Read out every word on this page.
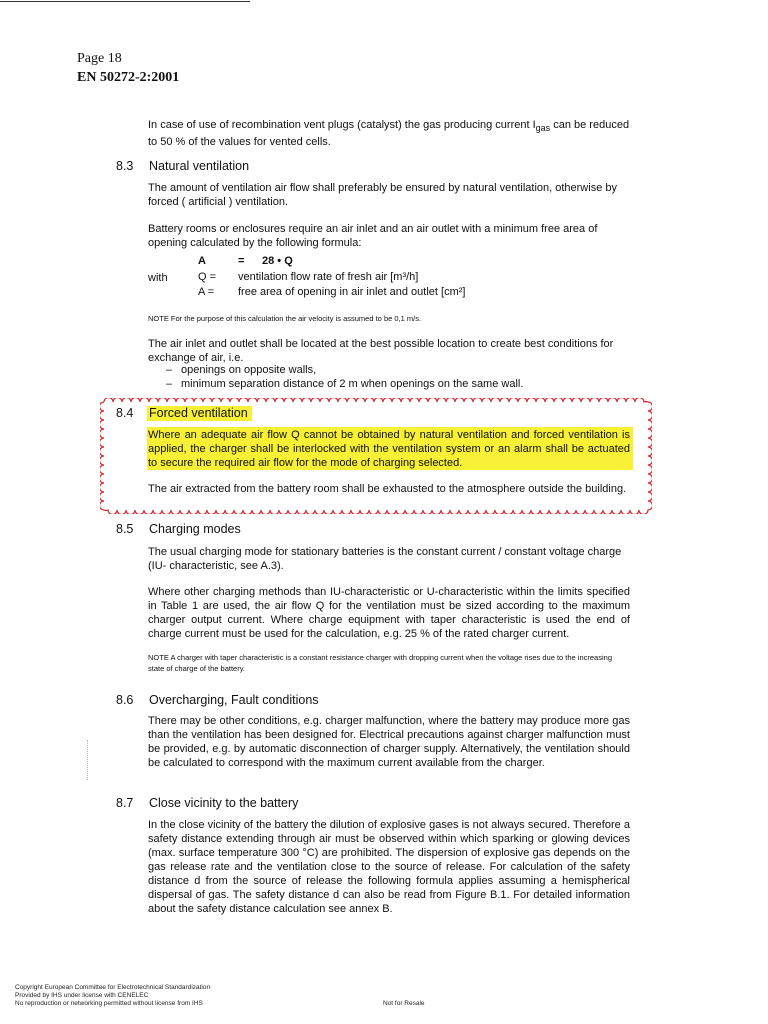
Page 18
EN 50272-2:2001
In case of use of recombination vent plugs (catalyst) the gas producing current $I_{gas}$ can be reduced to 50 % of the values for vented cells.
8.3 Natural ventilation
The amount of ventilation air flow shall preferably be ensured by natural ventilation, otherwise by forced ( artificial ) ventilation.
Battery rooms or enclosures require an air inlet and an air outlet with a minimum free area of opening calculated by the following formula:
A	= 28 • Q
with	Q = ventilation flow rate of fresh air [m³/h]
A = free area of opening in air inlet and outlet [cm²]
NOTE For the purpose of this calculation the air velocity is assumed to be 0,1 m/s.
The air inlet and outlet shall be located at the best possible location to create best conditions for exchange of air, i.e.
– openings on opposite walls,
– minimum separation distance of 2 m when openings on the same wall.
8.4 Forced ventilation
Where an adequate air flow Q cannot be obtained by natural ventilation and forced ventilation is applied, the charger shall be interlocked with the ventilation system or an alarm shall be actuated to secure the required air flow for the mode of charging selected.
The air extracted from the battery room shall be exhausted to the atmosphere outside the building.
8.5 Charging modes
The usual charging mode for stationary batteries is the constant current / constant voltage charge (IU- characteristic, see A.3).
Where other charging methods than IU-characteristic or U-characteristic within the limits specified in Table 1 are used, the air flow Q for the ventilation must be sized according to the maximum charger output current. Where charge equipment with taper characteristic is used the end of charge current must be used for the calculation, e.g. 25 % of the rated charger current.
NOTE A charger with taper characteristic is a constant resistance charger with dropping current when the voltage rises due to the increasing state of charge of the battery.
8.6 Overcharging, Fault conditions
There may be other conditions, e.g. charger malfunction, where the battery may produce more gas than the ventilation has been designed for. Electrical precautions against charger malfunction must be provided, e.g. by automatic disconnection of charger supply. Alternatively, the ventilation should be calculated to correspond with the maximum current available from the charger.
8.7 Close vicinity to the battery
In the close vicinity of the battery the dilution of explosive gases is not always secured. Therefore a safety distance extending through air must be observed within which sparking or glowing devices (max. surface temperature 300 °C) are prohibited. The dispersion of explosive gas depends on the gas release rate and the ventilation close to the source of release. For calculation of the safety distance d from the source of release the following formula applies assuming a hemispherical dispersal of gas. The safety distance d can also be read from Figure B.1. For detailed information about the safety distance calculation see annex B.
Copyright European Committee for Electrotechnical Standardization
Provided by IHS under license with CENELEC
No reproduction or networking permitted without license from IHS	Not for Resale
